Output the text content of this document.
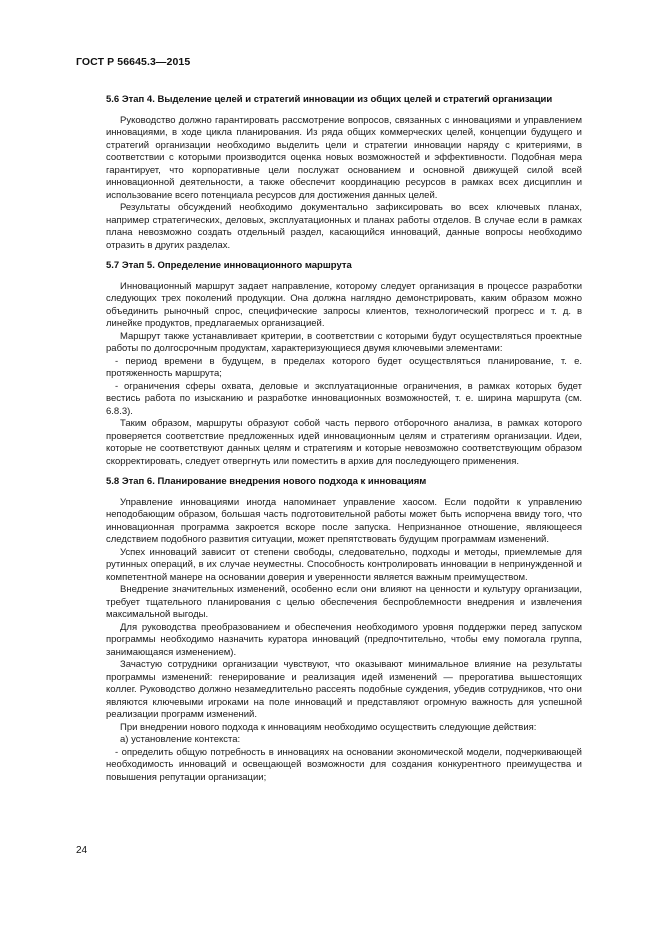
ГОСТ Р 56645.3—2015
5.6 Этап 4. Выделение целей и стратегий инновации из общих целей и стратегий организации

Руководство должно гарантировать рассмотрение вопросов, связанных с инновациями и управлением инновациями, в ходе цикла планирования. Из ряда общих коммерческих целей, концепции будущего и стратегий организации необходимо выделить цели и стратегии инновации наряду с критериями, в соответствии с которыми производится оценка новых возможностей и эффективности. Подобная мера гарантирует, что корпоративные цели послужат основанием и основной движущей силой всей инновационной деятельности, а также обеспечит координацию ресурсов в рамках всех дисциплин и использование всего потенциала ресурсов для достижения данных целей.

Результаты обсуждений необходимо документально зафиксировать во всех ключевых планах, например стратегических, деловых, эксплуатационных и планах работы отделов. В случае если в рамках плана невозможно создать отдельный раздел, касающийся инноваций, данные вопросы необходимо отразить в других разделах.

5.7 Этап 5. Определение инновационного маршрута

Инновационный маршрут задает направление, которому следует организация в процессе разработки следующих трех поколений продукции. Она должна наглядно демонстрировать, каким образом можно объединить рыночный спрос, специфические запросы клиентов, технологический прогресс и т. д. в линейке продуктов, предлагаемых организацией.

Маршрут также устанавливает критерии, в соответствии с которыми будут осуществляться проектные работы по долгосрочным продуктам, характеризующиеся двумя ключевыми элементами:

- период времени в будущем, в пределах которого будет осуществляться планирование, т. е. протяженность маршрута;

- ограничения сферы охвата, деловые и эксплуатационные ограничения, в рамках которых будет вестись работа по изысканию и разработке инновационных возможностей, т. е. ширина маршрута (см. 6.8.3).

Таким образом, маршруты образуют собой часть первого отборочного анализа, в рамках которого проверяется соответствие предложенных идей инновационным целям и стратегиям организации. Идеи, которые не соответствуют данных целям и стратегиям и которые невозможно соответствующим образом скорректировать, следует отвергнуть или поместить в архив для последующего применения.

5.8 Этап 6. Планирование внедрения нового подхода к инновациям

Управление инновациями иногда напоминает управление хаосом. Если подойти к управлению неподобающим образом, большая часть подготовительной работы может быть испорчена ввиду того, что инновационная программа закроется вскоре после запуска. Непризнанное отношение, являющееся следствием подобного развития ситуации, может препятствовать будущим программам изменений.

Успех инноваций зависит от степени свободы, следовательно, подходы и методы, приемлемые для рутинных операций, в их случае неуместны. Способность контролировать инновации в непринужденной и компетентной манере на основании доверия и уверенности является важным преимуществом.

Внедрение значительных изменений, особенно если они влияют на ценности и культуру организации, требует тщательного планирования с целью обеспечения беспроблемности внедрения и извлечения максимальной выгоды.

Для руководства преобразованием и обеспечения необходимого уровня поддержки перед запуском программы необходимо назначить куратора инноваций (предпочтительно, чтобы ему помогала группа, занимающаяся изменением).

Зачастую сотрудники организации чувствуют, что оказывают минимальное влияние на результаты программы изменений: генерирование и реализация идей изменений — прерогатива вышестоящих коллег. Руководство должно незамедлительно рассеять подобные суждения, убедив сотрудников, что они являются ключевыми игроками на поле инноваций и представляют огромную важность для успешной реализации программ изменений.

При внедрении нового подхода к инновациям необходимо осуществить следующие действия:

а) установление контекста:

- определить общую потребность в инновациях на основании экономической модели, подчеркивающей необходимость инноваций и освещающей возможности для создания конкурентного преимущества и повышения репутации организации;

24
